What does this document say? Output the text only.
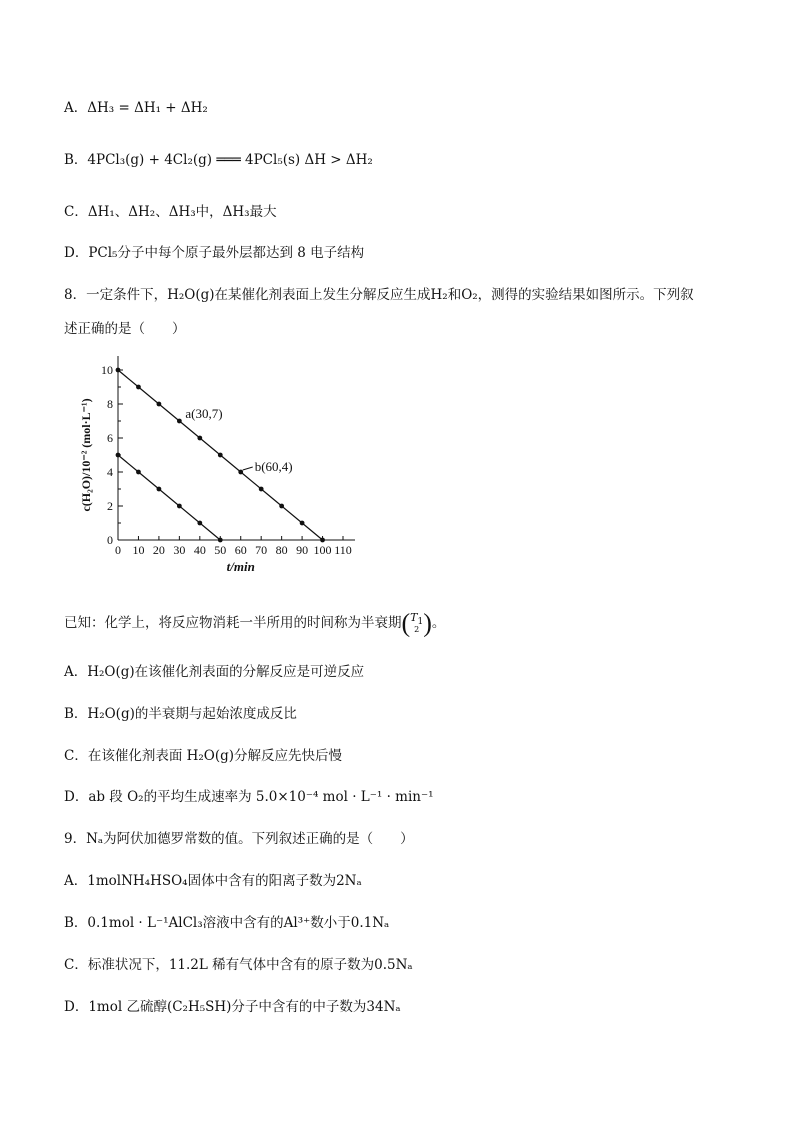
A．ΔH₃ = ΔH₁ + ΔH₂
B．4PCl₃(g) + 4Cl₂(g) ═══ 4PCl₅(s) ΔH > ΔH₂
C．ΔH₁、ΔH₂、ΔH₃中，ΔH₃最大
D．PCl₅分子中每个原子最外层都达到 8 电子结构
8．一定条件下，H₂O(g)在某催化剂表面上发生分解反应生成H₂和O₂，测得的实验结果如图所示。下列叙
述正确的是（　　）
0 10 20 30 40 50 60 70 80 90 100 110
0
2
4
6
8
10
t/min
c(H₂O)/10⁻² (mol·L⁻¹)	a(30,7)
b(60,4)
已知：化学上，将反应物消耗一半所用的时间称为半衰期($T_1$
2 )。
A．H₂O(g)在该催化剂表面的分解反应是可逆反应
B．H₂O(g)的半衰期与起始浓度成反比
C．在该催化剂表面 H₂O(g)分解反应先快后慢
D．ab 段 O₂的平均生成速率为 5.0×10⁻⁴ mol · L⁻¹ · min⁻¹
9．Nₐ为阿伏加德罗常数的值。下列叙述正确的是（　　）
A．1molNH₄HSO₄固体中含有的阳离子数为2Nₐ
B．0.1mol · L⁻¹AlCl₃溶液中含有的Al³⁺数小于0.1Nₐ
C．标准状况下，11.2L 稀有气体中含有的原子数为0.5Nₐ
D．1mol 乙硫醇(C₂H₅SH)分子中含有的中子数为34Nₐ
